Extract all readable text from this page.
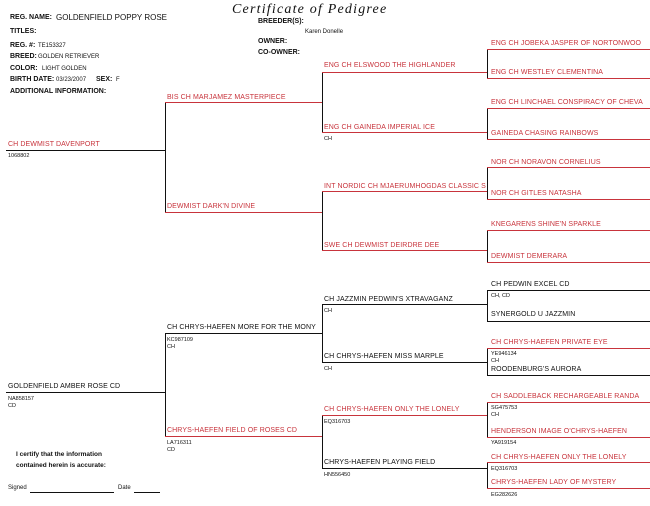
Certificate of Pedigree
REG. NAME: GOLDENFIELD POPPY ROSE
TITLES:
REG. #: TE153327
BREED: GOLDEN RETRIEVER
COLOR: LIGHT GOLDEN
BIRTH DATE: 03/23/2007 SEX: F
ADDITIONAL INFORMATION:
BREEDER(S):
Karen Donelle
OWNER:
CO-OWNER:
CH DEWMIST DAVENPORT
1068802
BIS CH MARJAMEZ MASTERPIECE
DEWMIST DARK'N DIVINE
ENG CH ELSWOOD THE HIGHLANDER
ENG CH GAINEDA IMPERIAL ICE
CH
INT NORDIC CH MJAERUMHOGDAS CLASSIC S
SWE CH DEWMIST DEIRDRE DEE
ENG CH JOBEKA JASPER OF NORTONWOO
ENG CH WESTLEY CLEMENTINA
ENG CH LINCHAEL CONSPIRACY OF CHEVA
GAINEDA CHASING RAINBOWS
NOR CH NORAVON CORNELIUS
NOR CH GITLES NATASHA
KNEGARENS SHINE'N SPARKLE
DEWMIST DEMERARA
GOLDENFIELD AMBER ROSE CD
NA858157
CD
CH CHRYS-HAEFEN MORE FOR THE MONY
KC987109
CH
CHRYS-HAEFEN FIELD OF ROSES CD
LA716311
CD
CH JAZZMIN PEDWIN'S XTRAVAGANZ
CH
CH CHRYS-HAEFEN MISS MARPLE
CH
CH CHRYS-HAEFEN ONLY THE LONELY
EQ316703
CHRYS-HAEFEN PLAYING FIELD
HN556450
CH PEDWIN EXCEL CD
CH, CD
SYNERGOLD U JAZZMIN
CH CHRYS-HAEFEN PRIVATE EYE
YE946134
CH
ROODENBURG'S AURORA
CH SADDLEBACK RECHARGEABLE RANDA
SG475753
CH
HENDERSON IMAGE O'CHRYS-HAEFEN
YA919154
CH CHRYS-HAEFEN ONLY THE LONELY
EQ316703
CHRYS-HAEFEN LADY OF MYSTERY
EG282626
I certify that the information
contained herein is accurate:
Signed	Date
